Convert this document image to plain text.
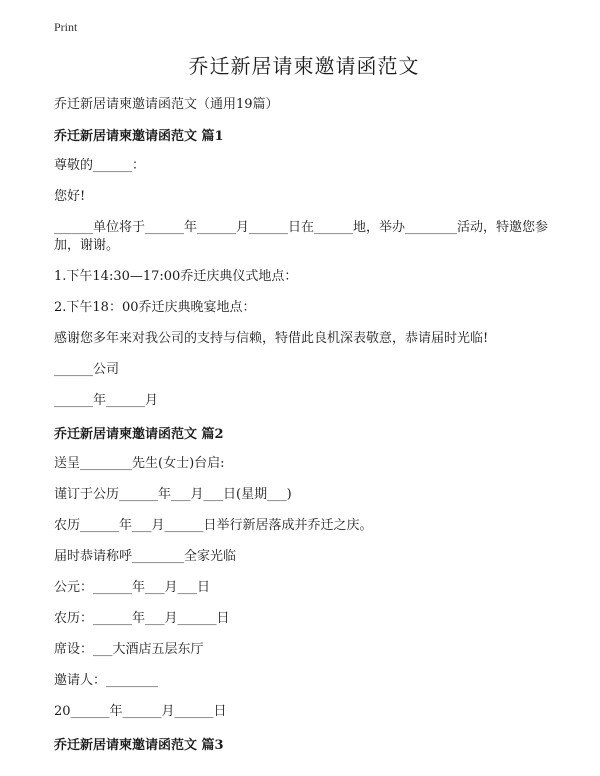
Print
乔迁新居请柬邀请函范文

乔迁新居请柬邀请函范文（通用19篇）

乔迁新居请柬邀请函范文 篇1

尊敬的______：

您好!

______单位将于______年______月______日在______地，举办________活动，特邀您参加，谢谢。

1.下午14:30—17:00乔迁庆典仪式地点：

2.下午18：00乔迁庆典晚宴地点：

感谢您多年来对我公司的支持与信赖，特借此良机深表敬意，恭请届时光临!

______公司

______年______月

乔迁新居请柬邀请函范文 篇2

送呈________先生(女士)台启:

谨订于公历______年___月___日(星期___)

农历______年___月______日举行新居落成并乔迁之庆。

届时恭请称呼________全家光临

公元：______年___月___日

农历：______年___月______日

席设：___大酒店五层东厅

邀请人：________

20______年______月______日

乔迁新居请柬邀请函范文 篇3
